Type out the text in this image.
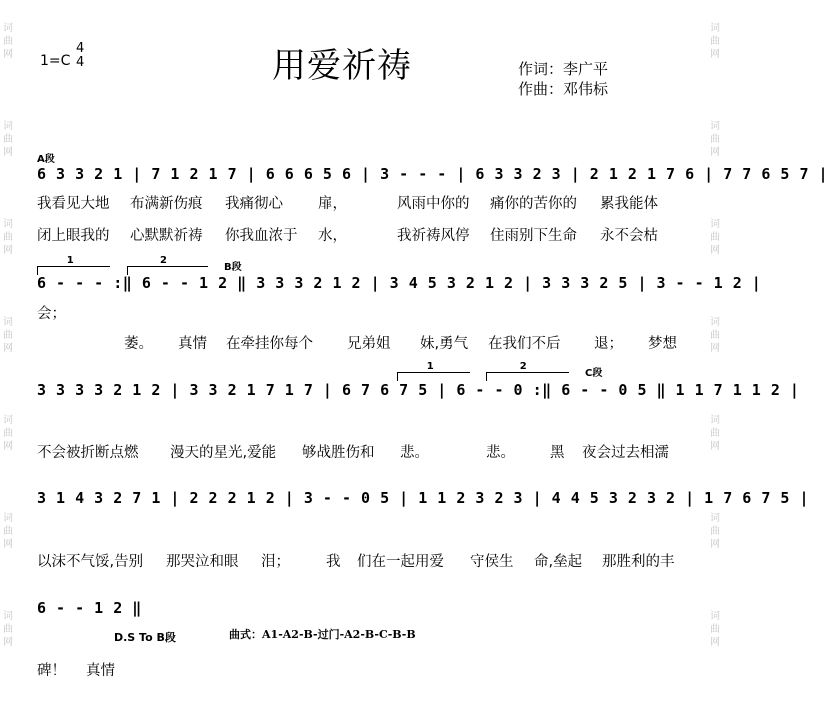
词曲网
词曲网
词曲网
词曲网
词曲网
词曲网
词曲网
词曲网
词曲网
词曲网
词曲网
词曲网
词曲网
词曲网
1=C
4
4	用爱祈祷	作词：李广平
作曲：邓伟标
A段
6 3 3 2 1 | 7 1 2 1 7 | 6 6 6 5 6 | 3 - - - | 6 3 3 2 3 | 2 1 2 1 7 6 | 7 7 6 5 7 |
我看见大地 布满新伤痕 我痛彻心 扉，	风雨中你的 痛你的苦你的 累我能体
闭上眼我的 心默默祈祷 你我血浓于 水，	我祈祷风停 住雨别下生命 永不会枯
1	2
B段
6 - - - :‖ 6 - - 1 2 ‖ 3 3 3 2 1 2 | 3 4 5 3 2 1 2 | 3 3 3 2 5 | 3 - - 1 2 |
会；
萎。 真情 在牵挂你每个 兄弟姐 妹,勇气 在我们不后 退； 梦想
1	2
C段
3 3 3 3 2 1 2 | 3 3 2 1 7 1 7 | 6 7 6 7 5 | 6 - - 0 :‖ 6 - - 0 5 ‖ 1 1 7 1 1 2 |
不会被折断点燃 漫天的星光,爱能 够战胜伤和 悲。	悲。 黑 夜会过去相濡
3 1 4 3 2 7 1 | 2 2 2 1 2 | 3 - - 0 5 | 1 1 2 3 2 3 | 4 4 5 3 2 3 2 | 1 7 6 7 5 |
以沫不气馁,告别 那哭泣和眼 泪； 我 们在一起用爱 守侯生 命,垒起 那胜利的丰
6 - - 1 2 ‖
D.S To B段	曲式：A1-A2-B-过门-A2-B-C-B-B
碑！ 真情
